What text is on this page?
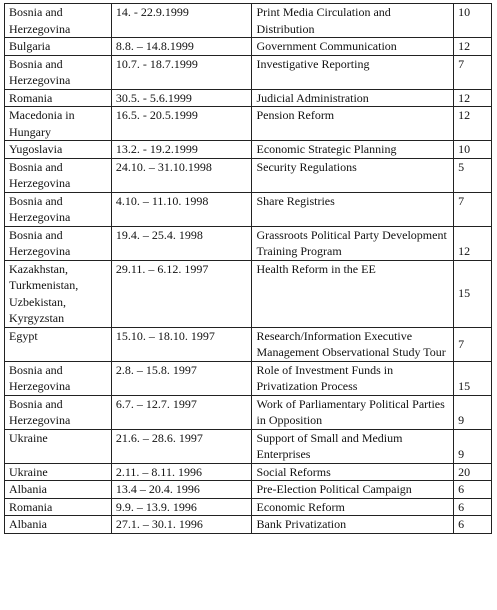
Bosnia and Herzegovina	14. - 22.9.1999	Print Media Circulation and Distribution	10

Bulgaria	8.8. – 14.8.1999	Government Communication	12

Bosnia and Herzegovina	10.7. - 18.7.1999	Investigative Reporting	7

Romania	30.5. - 5.6.1999	Judicial Administration	12

Macedonia in Hungary	16.5. - 20.5.1999	Pension Reform	12

Yugoslavia	13.2. - 19.2.1999	Economic Strategic Planning	10

Bosnia and Herzegovina	24.10. – 31.10.1998	Security Regulations	5

Bosnia and Herzegovina	4.10. – 11.10. 1998	Share Registries	7

Bosnia and Herzegovina	19.4. – 25.4. 1998	Grassroots Political Party Development Training Program	12

Kazakhstan, Turkmenistan, Uzbekistan, Kyrgyzstan	29.11. – 6.12. 1997	Health Reform in the EE	15

Egypt	15.10. – 18.10. 1997	Research/Information Executive Management Observational Study Tour	7

Bosnia and Herzegovina	2.8. – 15.8. 1997	Role of Investment Funds in Privatization Process	15

Bosnia and Herzegovina	6.7. – 12.7. 1997	Work of Parliamentary Political Parties in Opposition	9

Ukraine	21.6. – 28.6. 1997	Support of Small and Medium Enterprises	9

Ukraine	2.11. – 8.11. 1996	Social Reforms	20

Albania	13.4 – 20.4. 1996	Pre-Election Political Campaign	6

Romania	9.9. – 13.9. 1996	Economic Reform	6

Albania	27.1. – 30.1. 1996	Bank Privatization	6
